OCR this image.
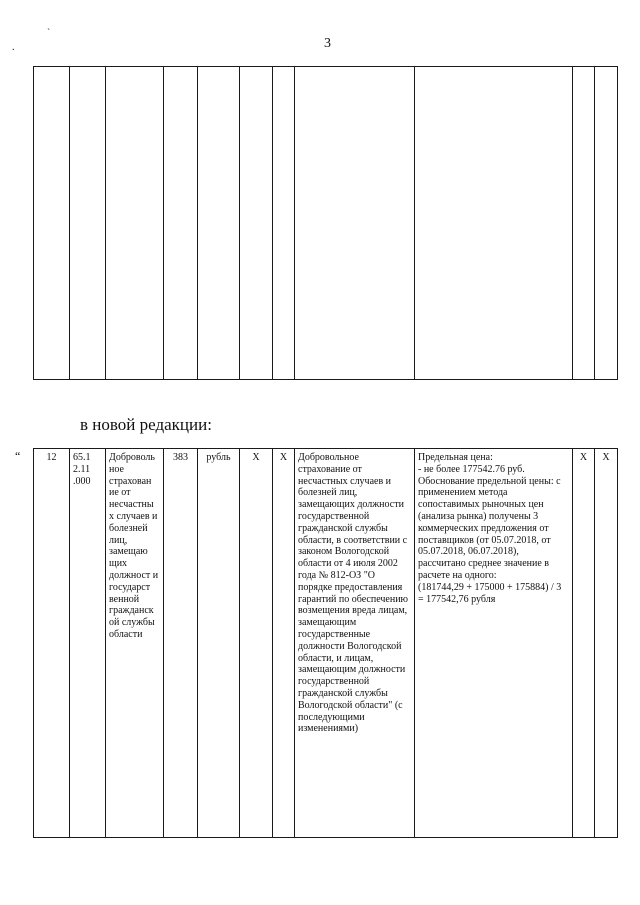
.
`
3

в новой редакции:
“	12	65.1 2.11 .000	Доброволь ное страхован ие от несчастны х случаев и болезней лиц, замещаю щих должност и государст венной гражданск ой службы области	383	рубль	X	X	Добровольное страхование от несчастных случаев и болезней лиц, замещающих должности государственной гражданской службы области, в соответствии с законом Вологодской области от 4 июля 2002 года № 812-ОЗ "О порядке предоставления гарантий по обеспечению возмещения вреда лицам, замещающим государственные должности Вологодской области, и лицам, замещающим должности государственной гражданской службы Вологодской области" (с последующими изменениями)	Предельная цена:
- не более 177542.76 руб.
Обоснование предельной цены: с применением метода сопоставимых рыночных цен (анализа рынка) получены 3 коммерческих предложения от поставщиков (от 05.07.2018, от 05.07.2018, 06.07.2018), рассчитано среднее значение в расчете на одного:
(181744,29 + 175000 + 175884) / 3 = 177542,76 рубля	X	X
